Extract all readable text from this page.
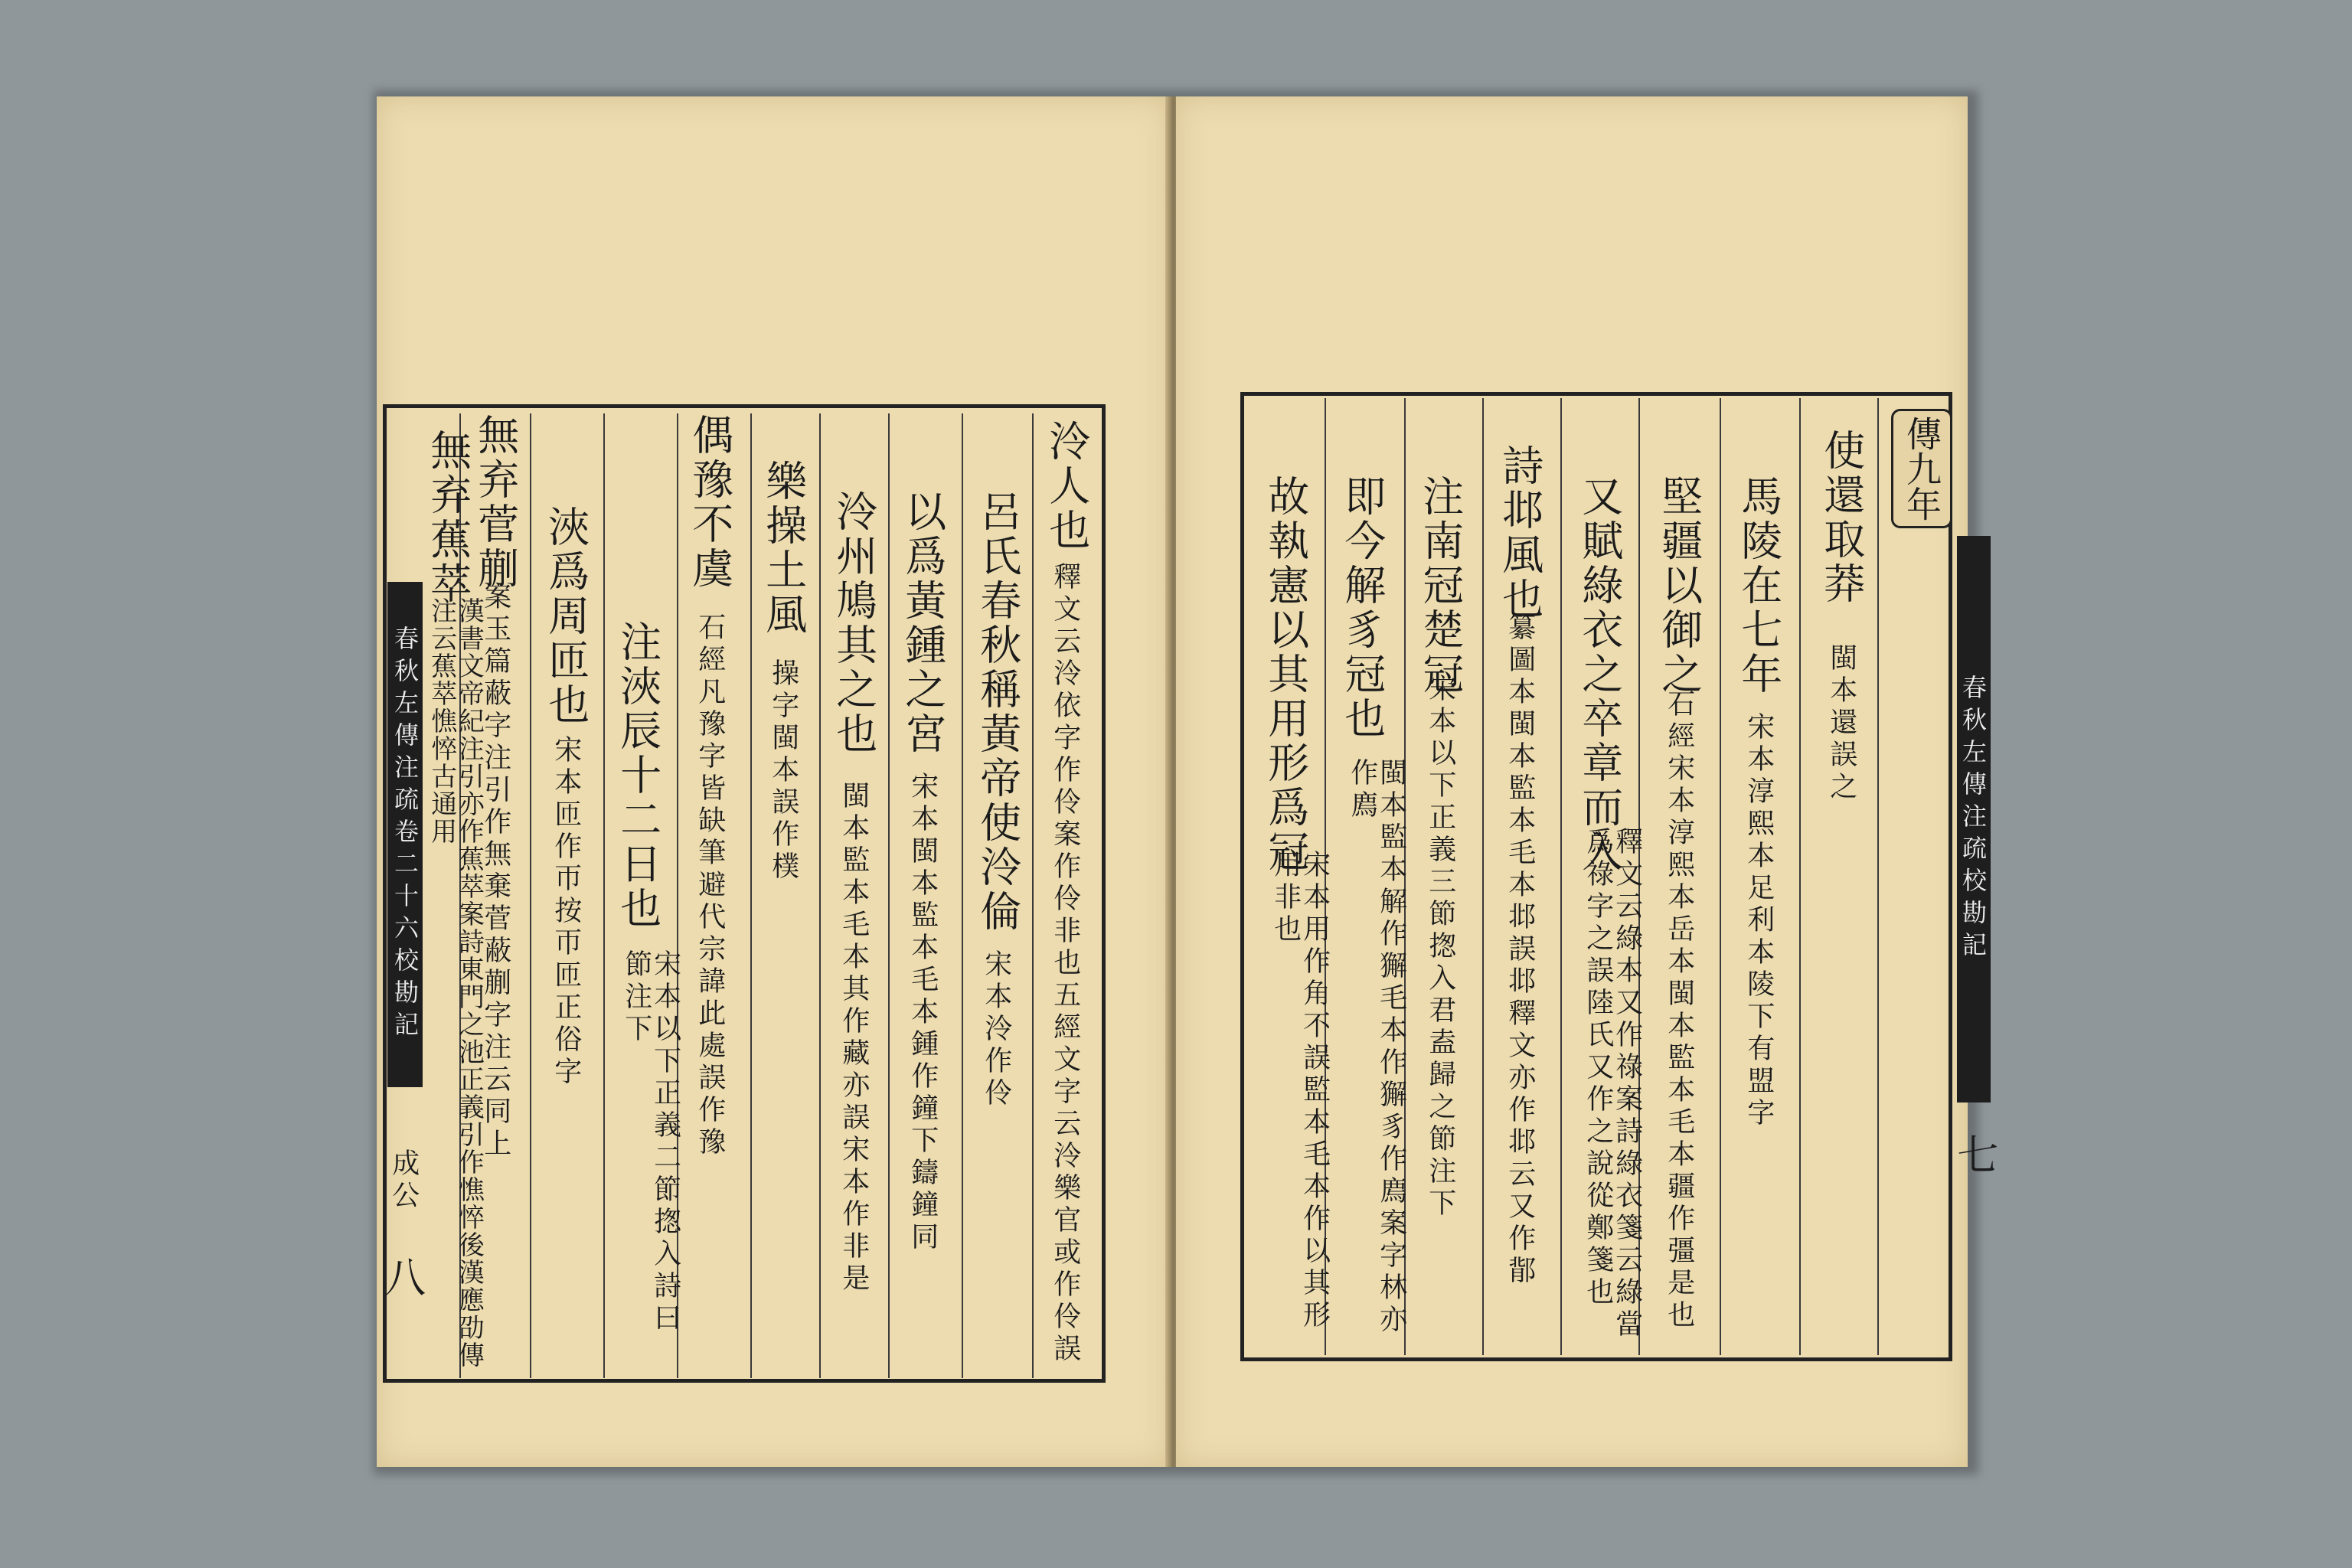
春秋左傳注疏卷二十六校勘記
成公
八
泠人也
釋文云泠依字作伶案作伶非也五經文字云泠樂官或作伶誤
呂氏春秋稱黃帝使泠倫
宋本泠作伶
以爲黃鍾之宮
宋本閩本監本毛本鍾作鐘下鑄鐘同
泠州鳩其之也
閩本監本毛本其作藏亦誤宋本作非是
樂操土風
操字閩本誤作樸
偶豫不虞
石經凡豫字皆缺筆避代宗諱此處誤作豫
注浹辰十二日也
宋本以下正義二節揔入詩曰節注下
浹爲周匝也
宋本匝作帀按帀匝正俗字
無弃菅蒯
案玉篇蔽字注引作無棄菅蔽蒯字注云同上
無弃蕉萃
漢書文帝紀注引亦作蕉萃案詩東門之池正義引作憔悴後漢應劭傳注云蕉萃憔悴古通用
傳九年
春秋左傳注疏校勘記
七
使還取莽
閩本還誤之
馬陵在七年
宋本淳熙本足利本陵下有盟字
堅疆以御之
石經宋本淳熙本岳本閩本監本毛本疆作彊是也
又賦綠衣之卒章而入
釋文云綠本又作祿案詩綠衣箋云綠當爲祿字之誤陸氏又作之說從鄭箋也
詩邶風也
纂圖本閩本監本毛本邶誤邶釋文亦作邶云又作鄁
注南冠楚冠
宋本以下正義三節揔入君盍歸之節注下
即今解豸冠也
閩本監本解作獬毛本作獬豸作廌案字林亦作廌
故執憲以其用形爲冠
宋本用作角不誤監本毛本作以其形用非也
